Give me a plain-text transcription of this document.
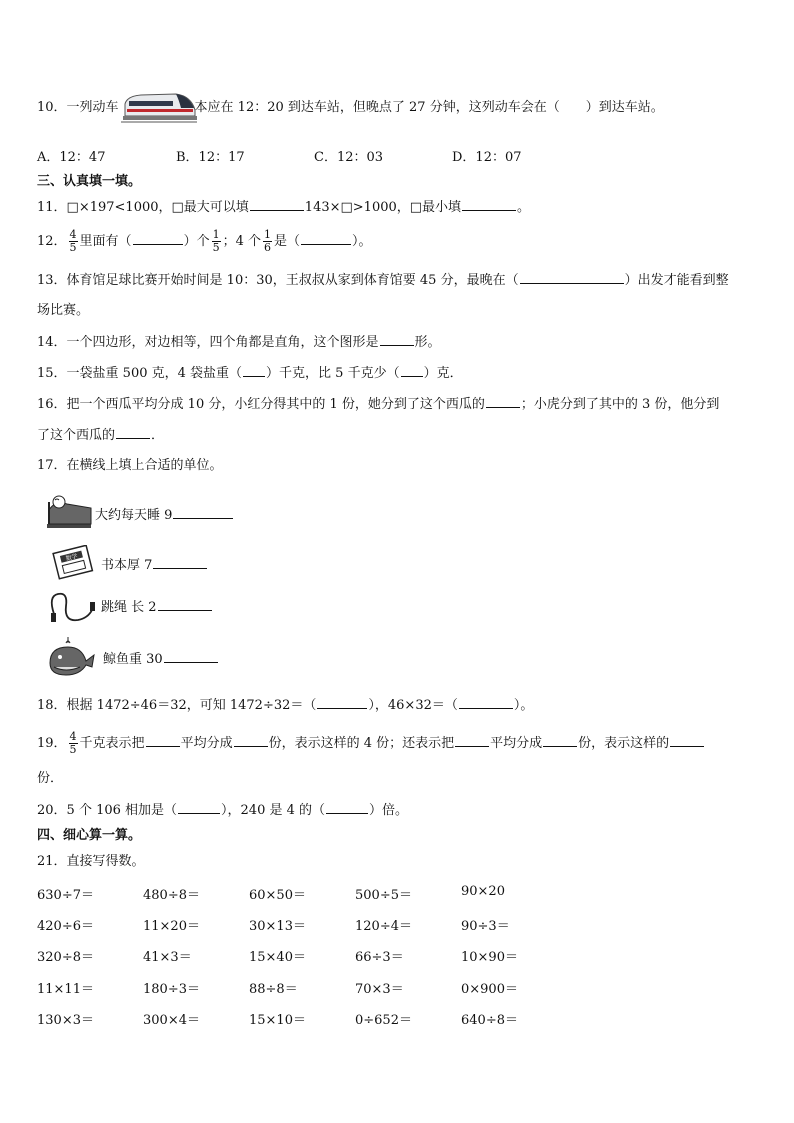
10．一列动车	本应在 12：20 到达车站，但晚点了 27 分钟，这列动车会在（　　）到达车站。
A．12：47	B．12：17	C．12：03	D．12：07
三、认真填一填。
11．□×197<1000，□最大可以填	143×□>1000，□最小填	。
12． $\frac{4}{5}$ 里面有（	）个 $\frac{1}{5}$ ；4 个 $\frac{1}{6}$ 是（	）。
13．体育馆足球比赛开始时间是 10：30，王叔叔从家到体育馆要 45 分，最晚在（	）出发才能看到整
场比赛。
14．一个四边形，对边相等，四个角都是直角，这个图形是	形。
15．一袋盐重 500 克，4 袋盐重（ ）千克，比 5 千克少（ ）克．
16．把一个西瓜平均分成 10 分，小红分得其中的 1 份，她分到了这个西瓜的	；小虎分到了其中的 3 份，他分到
了这个西瓜的	．
17．在横线上填上合适的单位。
大约每天睡 9
数学
书本厚 7
跳绳 长 2
鲸鱼重 30
18．根据 1472÷46＝32，可知 1472÷32＝（	），46×32＝（	）。
19． $\frac{4}{5}$ 千克表示把	平均分成	份，表示这样的 4 份；还表示把	平均分成	份，表示这样的
份．
20．5 个 106 相加是（	），240 是 4 的（	）倍。
四、细心算一算。
21．直接写得数。
630÷7＝	480÷8＝	60×50＝	500÷5＝	90×20
420÷6＝	11×20＝	30×13＝	120÷4＝	90÷3＝
320÷8＝	41×3＝	15×40＝	66÷3＝	10×90＝
11×11＝	180÷3＝	88÷8＝	70×3＝	0×900＝
130×3＝	300×4＝	15×10＝	0÷652＝	640÷8＝
